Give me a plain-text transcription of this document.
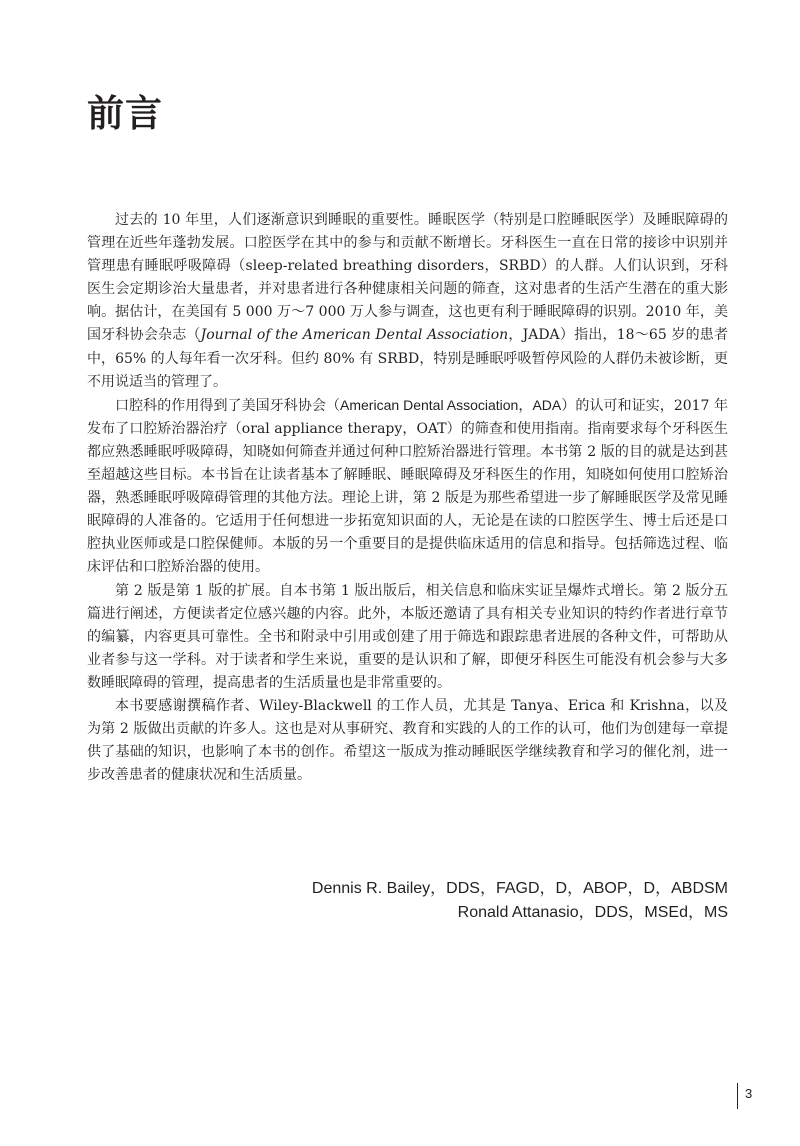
前言

过去的 10 年里，人们逐渐意识到睡眠的重要性。睡眠医学（特别是口腔睡眠医学）及睡眠障碍的管理在近些年蓬勃发展。口腔医学在其中的参与和贡献不断增长。牙科医生一直在日常的接诊中识别并管理患有睡眠呼吸障碍（sleep-related breathing disorders，SRBD）的人群。人们认识到，牙科医生会定期诊治大量患者，并对患者进行各种健康相关问题的筛查，这对患者的生活产生潜在的重大影响。据估计，在美国有 5 000 万～7 000 万人参与调查，这也更有利于睡眠障碍的识别。2010 年，美国牙科协会杂志（Journal of the American Dental Association，JADA）指出，18～65 岁的患者中，65% 的人每年看一次牙科。但约 80% 有 SRBD，特别是睡眠呼吸暂停风险的人群仍未被诊断，更不用说适当的管理了。

口腔科的作用得到了美国牙科协会（American Dental Association，ADA）的认可和证实，2017 年发布了口腔矫治器治疗（oral appliance therapy，OAT）的筛查和使用指南。指南要求每个牙科医生都应熟悉睡眠呼吸障碍，知晓如何筛查并通过何种口腔矫治器进行管理。本书第 2 版的目的就是达到甚至超越这些目标。本书旨在让读者基本了解睡眠、睡眠障碍及牙科医生的作用，知晓如何使用口腔矫治器，熟悉睡眠呼吸障碍管理的其他方法。理论上讲，第 2 版是为那些希望进一步了解睡眠医学及常见睡眠障碍的人准备的。它适用于任何想进一步拓宽知识面的人，无论是在读的口腔医学生、博士后还是口腔执业医师或是口腔保健师。本版的另一个重要目的是提供临床适用的信息和指导。包括筛选过程、临床评估和口腔矫治器的使用。

第 2 版是第 1 版的扩展。自本书第 1 版出版后，相关信息和临床实证呈爆炸式增长。第 2 版分五篇进行阐述，方便读者定位感兴趣的内容。此外，本版还邀请了具有相关专业知识的特约作者进行章节的编纂，内容更具可靠性。全书和附录中引用或创建了用于筛选和跟踪患者进展的各种文件，可帮助从业者参与这一学科。对于读者和学生来说，重要的是认识和了解，即便牙科医生可能没有机会参与大多数睡眠障碍的管理，提高患者的生活质量也是非常重要的。

本书要感谢撰稿作者、Wiley-Blackwell 的工作人员，尤其是 Tanya、Erica 和 Krishna，以及为第 2 版做出贡献的许多人。这也是对从事研究、教育和实践的人的工作的认可，他们为创建每一章提供了基础的知识，也影响了本书的创作。希望这一版成为推动睡眠医学继续教育和学习的催化剂，进一步改善患者的健康状况和生活质量。

Dennis R. Bailey，DDS，FAGD，D，ABOP，D，ABDSM
Ronald Attanasio，DDS，MSEd，MS
3
